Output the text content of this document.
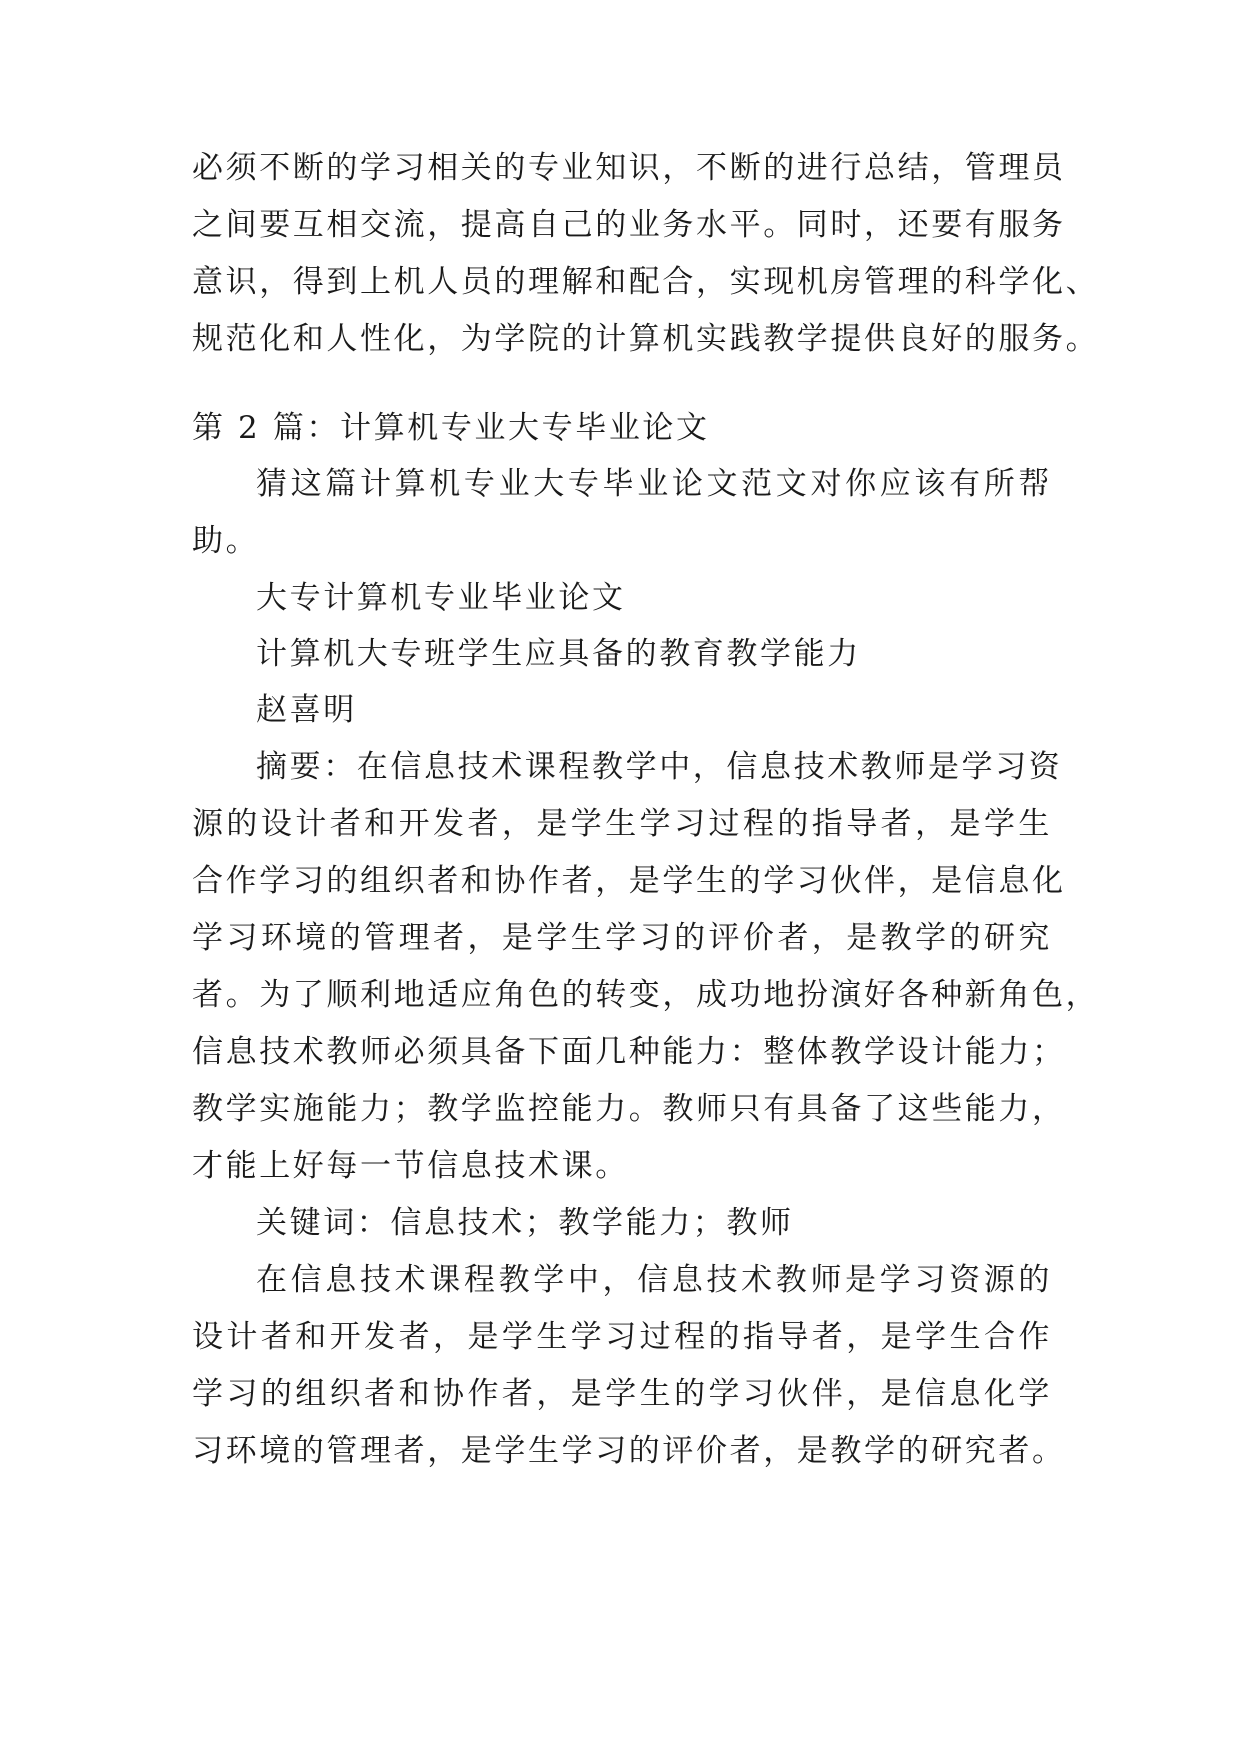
必须不断的学习相关的专业知识，不断的进行总结，管理员
之间要互相交流，提高自己的业务水平。同时，还要有服务
意识，得到上机人员的理解和配合，实现机房管理的科学化、
规范化和人性化，为学院的计算机实践教学提供良好的服务。
第 2 篇：计算机专业大专毕业论文
猜这篇计算机专业大专毕业论文范文对你应该有所帮
助。
大专计算机专业毕业论文
计算机大专班学生应具备的教育教学能力
赵喜明
摘要：在信息技术课程教学中，信息技术教师是学习资
源的设计者和开发者，是学生学习过程的指导者，是学生
合作学习的组织者和协作者，是学生的学习伙伴，是信息化
学习环境的管理者，是学生学习的评价者，是教学的研究
者。为了顺利地适应角色的转变，成功地扮演好各种新角色，
信息技术教师必须具备下面几种能力：整体教学设计能力；
教学实施能力；教学监控能力。教师只有具备了这些能力，
才能上好每一节信息技术课。
关键词：信息技术；教学能力；教师
在信息技术课程教学中，信息技术教师是学习资源的
设计者和开发者，是学生学习过程的指导者，是学生合作
学习的组织者和协作者，是学生的学习伙伴，是信息化学
习环境的管理者，是学生学习的评价者，是教学的研究者。
